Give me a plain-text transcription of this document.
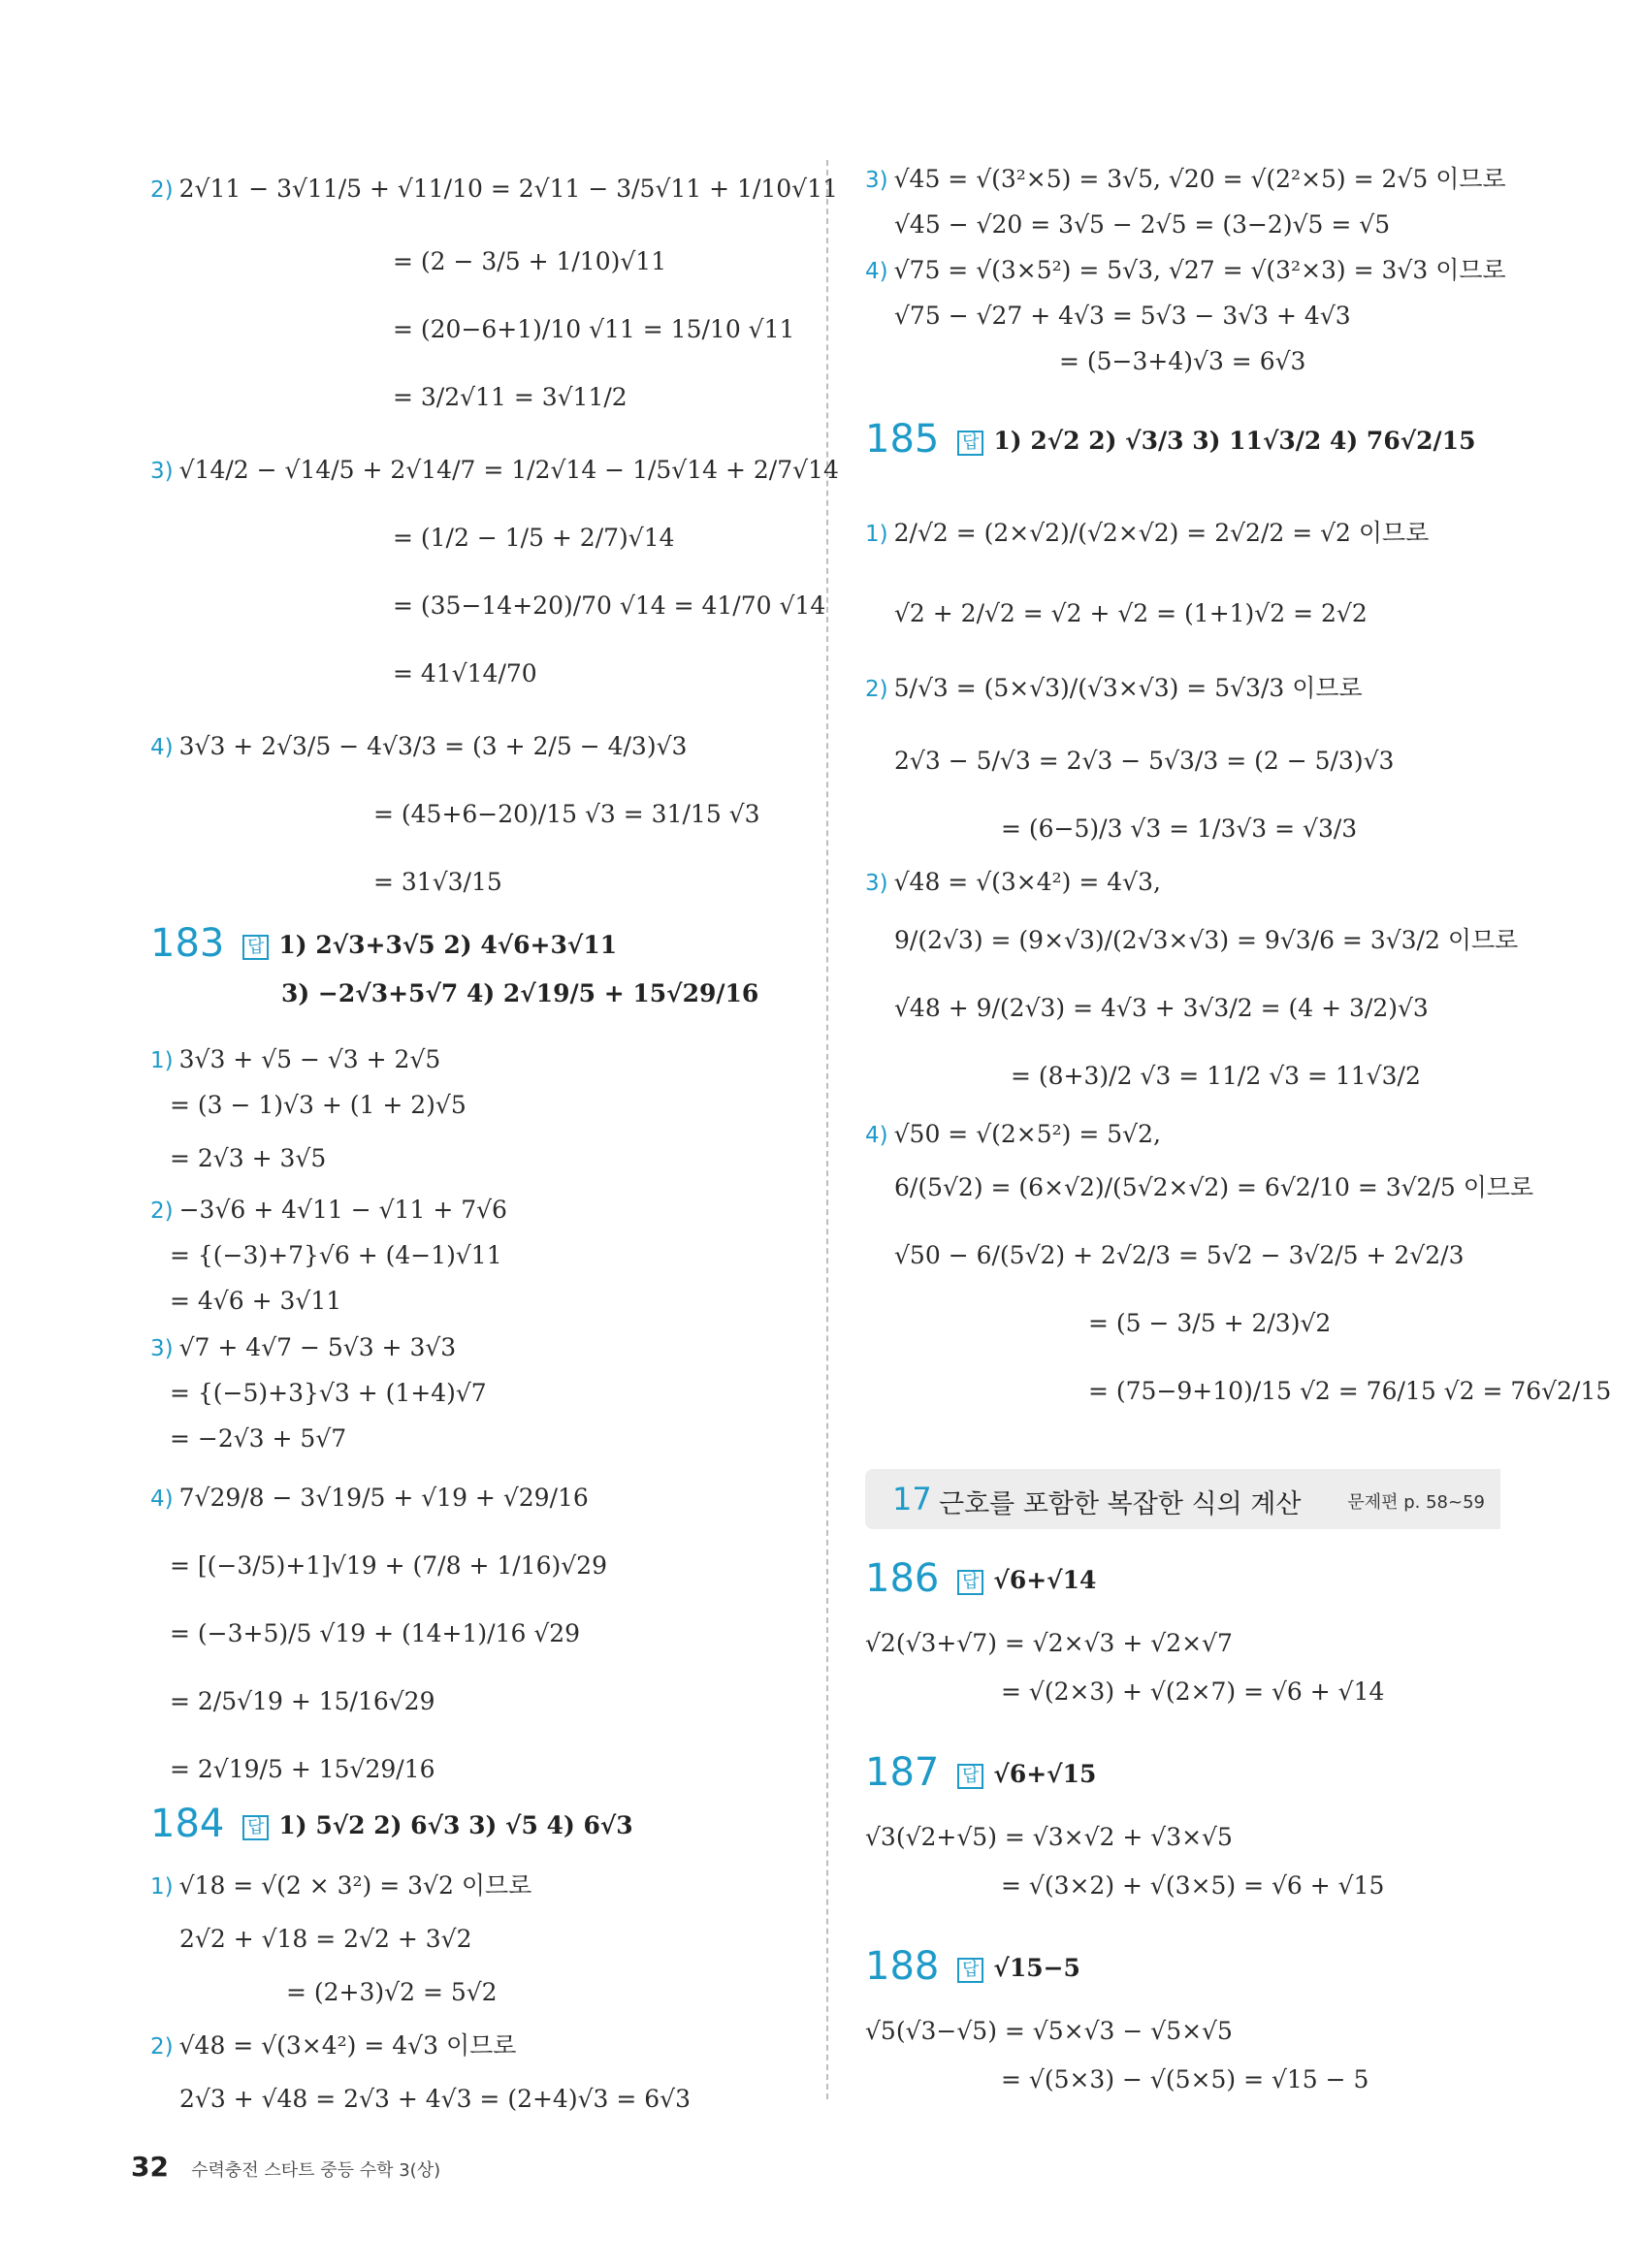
2) 2√11 − 3√11/5 + √11/10 = 2√11 − 3/5√11 + 1/10√11
= (2 − 3/5 + 1/10)√11
= (20−6+1)/10 √11 = 15/10 √11
= 3/2√11 = 3√11/2
3) √14/2 − √14/5 + 2√14/7 = 1/2√14 − 1/5√14 + 2/7√14
= (1/2 − 1/5 + 2/7)√14
= (35−14+20)/70 √14 = 41/70 √14
= 41√14/70
4) 3√3 + 2√3/5 − 4√3/3 = (3 + 2/5 − 4/3)√3
= (45+6−20)/15 √3 = 31/15 √3
= 31√3/15
1) 3√3 + √5 − √3 + 2√5
= (3 − 1)√3 + (1 + 2)√5
= 2√3 + 3√5
2) −3√6 + 4√11 − √11 + 7√6
= {(−3)+7}√6 + (4−1)√11
= 4√6 + 3√11
3) √7 + 4√7 − 5√3 + 3√3
= {(−5)+3}√3 + (1+4)√7
= −2√3 + 5√7
4) 7√29/8 − 3√19/5 + √19 + √29/16
= [(−3/5)+1]√19 + (7/8 + 1/16)√29
= (−3+5)/5 √19 + (14+1)/16 √29
= 2/5√19 + 15/16√29
= 2√19/5 + 15√29/16
1) √18 = √(2 × 3²) = 3√2 이므로
2√2 + √18 = 2√2 + 3√2
= (2+3)√2 = 5√2
2) √48 = √(3×4²) = 4√3 이므로
2√3 + √48 = 2√3 + 4√3 = (2+4)√3 = 6√3
183 답 1) 2√3+3√5 2) 4√6+3√11
3) −2√3+5√7 4) 2√19/5 + 15√29/16
184 답 1) 5√2 2) 6√3 3) √5 4) 6√3
3) √45 = √(3²×5) = 3√5, √20 = √(2²×5) = 2√5 이므로
√45 − √20 = 3√5 − 2√5 = (3−2)√5 = √5
4) √75 = √(3×5²) = 5√3, √27 = √(3²×3) = 3√3 이므로
√75 − √27 + 4√3 = 5√3 − 3√3 + 4√3
= (5−3+4)√3 = 6√3
1) 2/√2 = (2×√2)/(√2×√2) = 2√2/2 = √2 이므로
√2 + 2/√2 = √2 + √2 = (1+1)√2 = 2√2
2) 5/√3 = (5×√3)/(√3×√3) = 5√3/3 이므로
2√3 − 5/√3 = 2√3 − 5√3/3 = (2 − 5/3)√3
= (6−5)/3 √3 = 1/3√3 = √3/3
3) √48 = √(3×4²) = 4√3,
9/(2√3) = (9×√3)/(2√3×√3) = 9√3/6 = 3√3/2 이므로
√48 + 9/(2√3) = 4√3 + 3√3/2 = (4 + 3/2)√3
= (8+3)/2 √3 = 11/2 √3 = 11√3/2
4) √50 = √(2×5²) = 5√2,
6/(5√2) = (6×√2)/(5√2×√2) = 6√2/10 = 3√2/5 이므로
√50 − 6/(5√2) + 2√2/3 = 5√2 − 3√2/5 + 2√2/3
= (5 − 3/5 + 2/3)√2
= (75−9+10)/15 √2 = 76/15 √2 = 76√2/15
√2(√3+√7) = √2×√3 + √2×√7
= √(2×3) + √(2×7) = √6 + √14
√3(√2+√5) = √3×√2 + √3×√5
= √(3×2) + √(3×5) = √6 + √15
√5(√3−√5) = √5×√3 − √5×√5
= √(5×3) − √(5×5) = √15 − 5
185 답 1) 2√2 2) √3/3 3) 11√3/2 4) 76√2/15
186 답 √6+√14
187 답 √6+√15
188 답 √15−5
17 근호를 포함한 복잡한 식의 계산	문제편 p. 58~59
32 수력충전 스타트 중등 수학 3(상)
